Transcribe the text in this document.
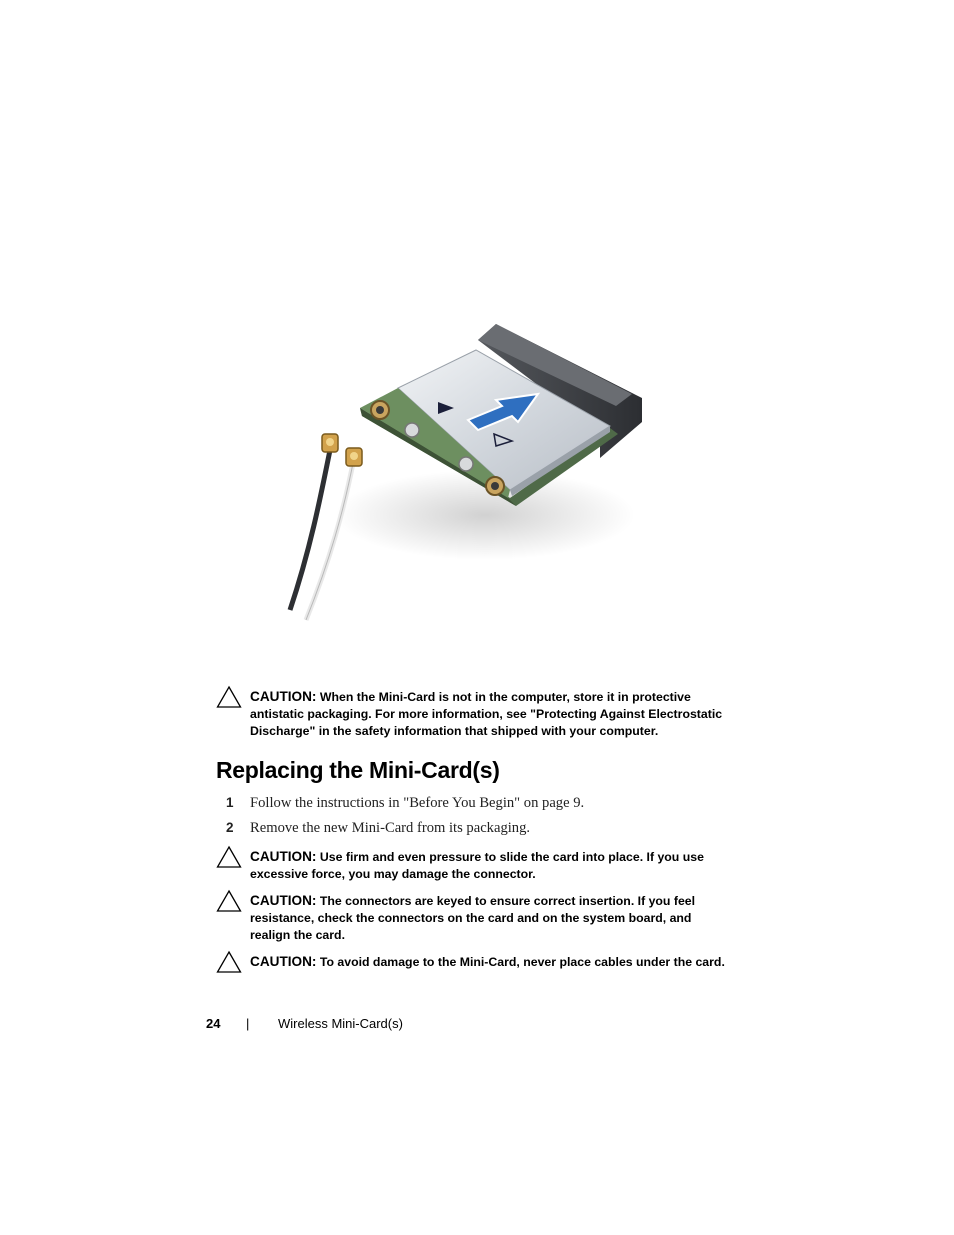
CAUTION: When the Mini-Card is not in the computer, store it in protective antistatic packaging. For more information, see "Protecting Against Electrostatic Discharge" in the safety information that shipped with your computer.
Replacing the Mini-Card(s)
1 Follow the instructions in "Before You Begin" on page 9.
2 Remove the new Mini-Card from its packaging.
CAUTION: Use firm and even pressure to slide the card into place. If you use excessive force, you may damage the connector.
CAUTION: The connectors are keyed to ensure correct insertion. If you feel resistance, check the connectors on the card and on the system board, and realign the card.
CAUTION: To avoid damage to the Mini-Card, never place cables under the card.
24 | Wireless Mini-Card(s)
